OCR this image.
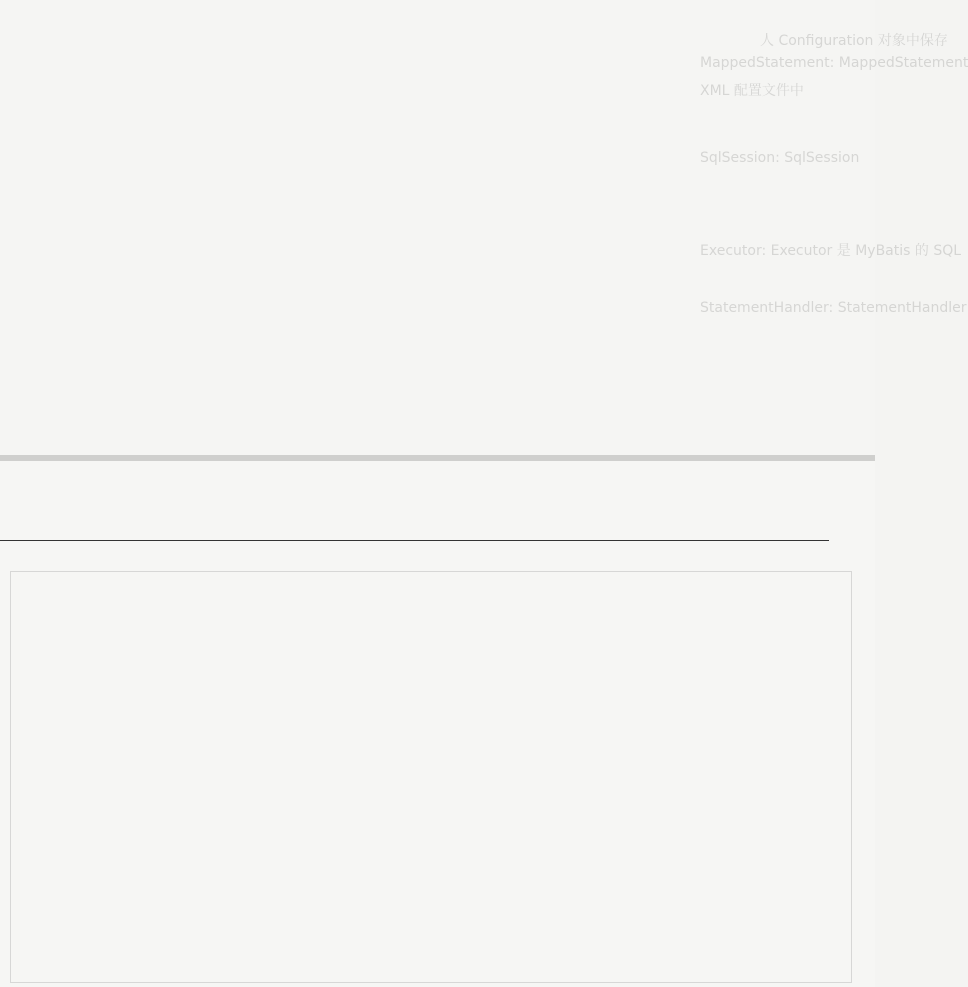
人 Configuration 对象中保存
MappedStatement: MappedStatement
XML 配置文件中
SqlSession: SqlSession
Executor: Executor 是 MyBatis 的 SQL
StatementHandler: StatementHandler
